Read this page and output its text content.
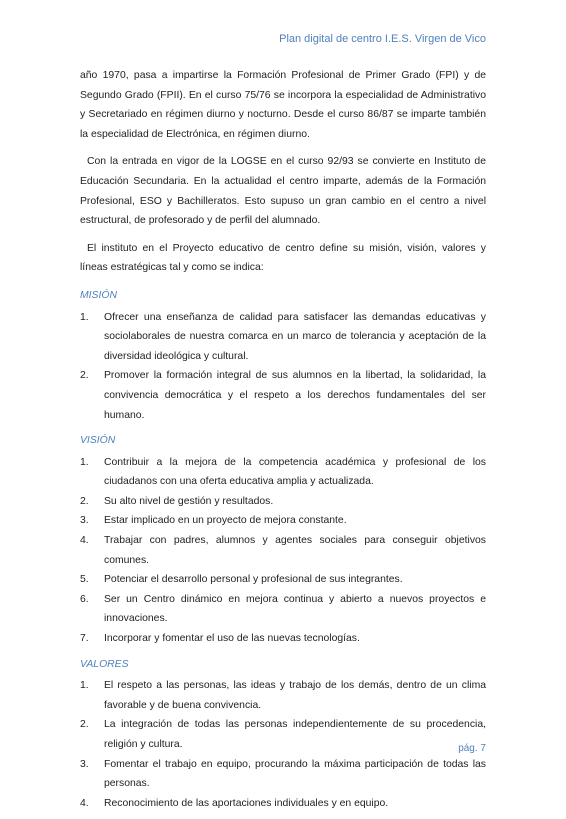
Plan digital de centro I.E.S. Virgen de Vico

año 1970, pasa a impartirse la Formación Profesional de Primer Grado (FPI) y de Segundo Grado (FPII). En el curso 75/76 se incorpora la especialidad de Administrativo y Secretariado en régimen diurno y nocturno. Desde el curso 86/87 se imparte también la especialidad de Electrónica, en régimen diurno.

Con la entrada en vigor de la LOGSE en el curso 92/93 se convierte en Instituto de Educación Secundaria. En la actualidad el centro imparte, además de la Formación Profesional, ESO y Bachilleratos. Esto supuso un gran cambio en el centro a nivel estructural, de profesorado y de perfil del alumnado.

El instituto en el Proyecto educativo de centro define su misión, visión, valores y líneas estratégicas tal y como se indica:

MISIÓN
1.	Ofrecer una enseñanza de calidad para satisfacer las demandas educativas y sociolaborales de nuestra comarca en un marco de tolerancia y aceptación de la diversidad ideológica y cultural.
2.	Promover la formación integral de sus alumnos en la libertad, la solidaridad, la convivencia democrática y el respeto a los derechos fundamentales del ser humano.
VISIÓN
1.	Contribuir a la mejora de la competencia académica y profesional de los ciudadanos con una oferta educativa amplia y actualizada.
2.	Su alto nivel de gestión y resultados.
3.	Estar implicado en un proyecto de mejora constante.
4.	Trabajar con padres, alumnos y agentes sociales para conseguir objetivos comunes.
5.	Potenciar el desarrollo personal y profesional de sus integrantes.
6.	Ser un Centro dinámico en mejora continua y abierto a nuevos proyectos e innovaciones.
7.	Incorporar y fomentar el uso de las nuevas tecnologías.
VALORES
1.	El respeto a las personas, las ideas y trabajo de los demás, dentro de un clima favorable y de buena convivencia.
2.	La integración de todas las personas independientemente de su procedencia, religión y cultura.
3.	Fomentar el trabajo en equipo, procurando la máxima participación de todas las personas.
4.	Reconocimiento de las aportaciones individuales y en equipo.
pág. 7
